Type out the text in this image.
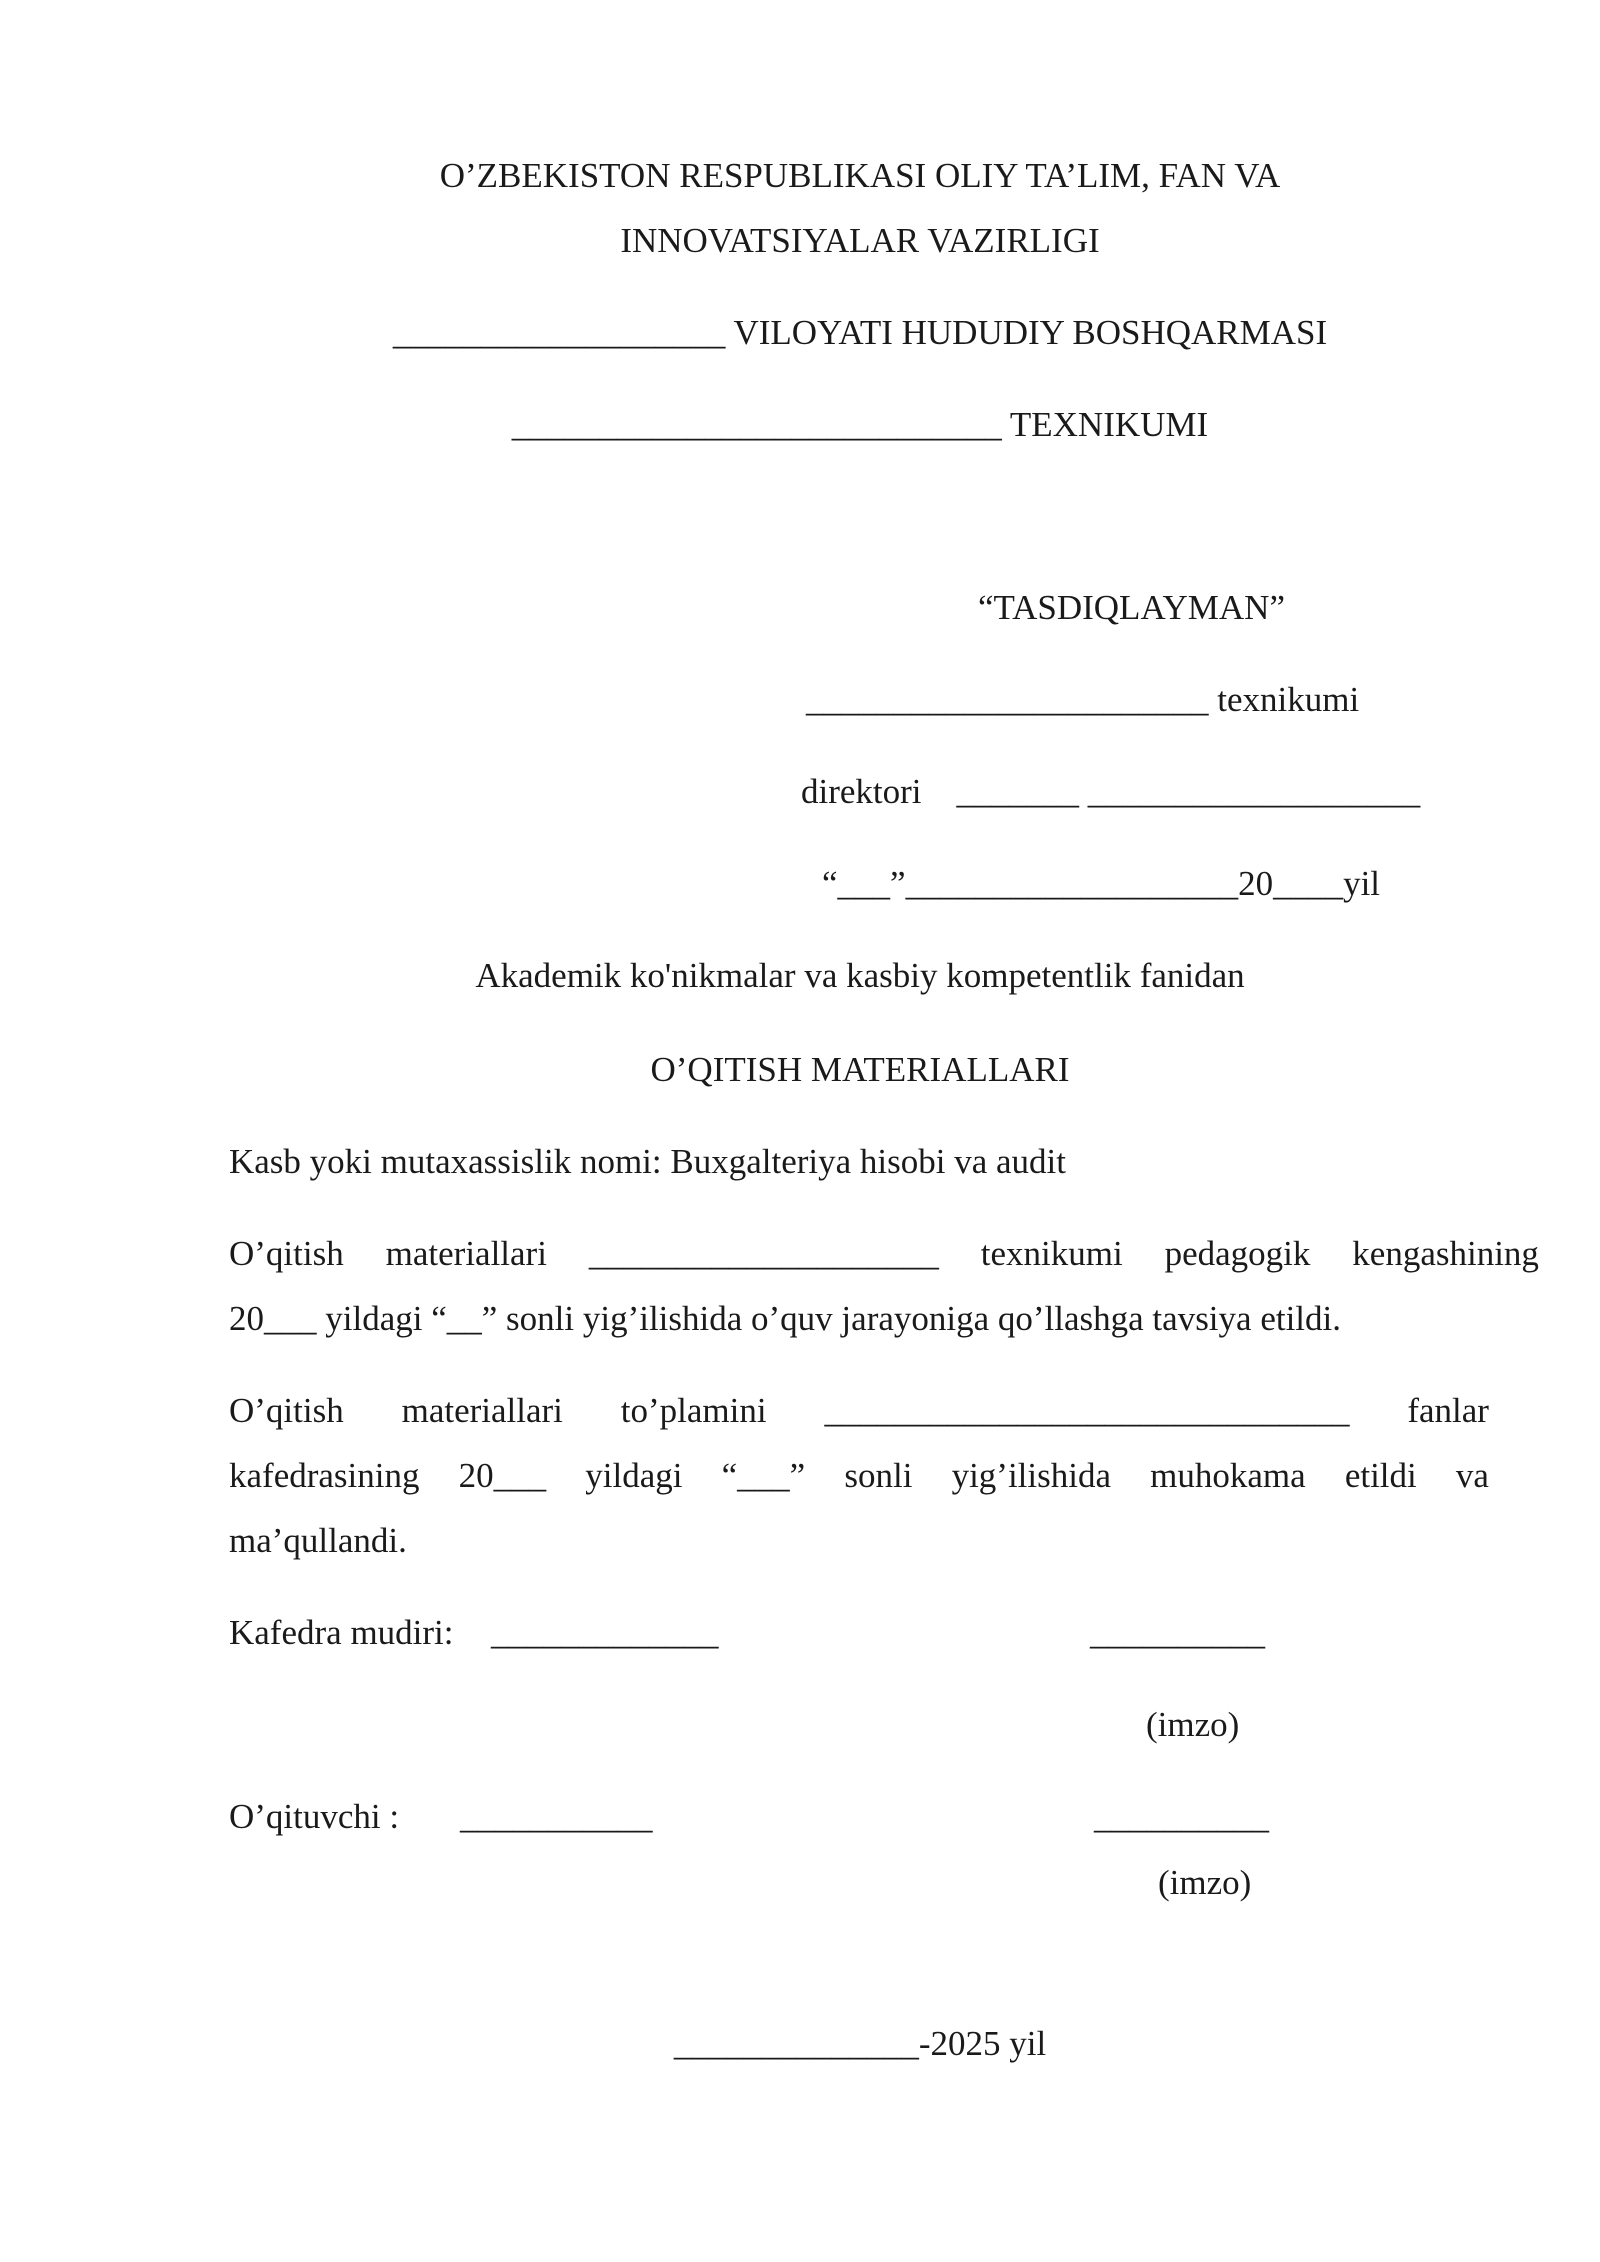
O’ZBEKISTON RESPUBLIKASI OLIY TA’LIM, FAN VA
INNOVATSIYALAR VAZIRLIGI
___________________ VILOYATI HUDUDIY BOSHQARMASI
____________________________ TEXNIKUMI
“TASDIQLAYMAN”
_______________________ texnikumi
direktori    _______ ___________________
“___”___________________20____yil
Akademik ko'nikmalar va kasbiy kompetentlik fanidan
O’QITISH MATERIALLARI
Kasb yoki mutaxassislik nomi: Buxgalteriya hisobi va audit
O’qitish materiallari ____________________ texnikumi pedagogik kengashining
20___ yildagi “__” sonli yig’ilishida o’quv jarayoniga qo’llashga tavsiya etildi.
O’qitish materiallari to’plamini ______________________________ fanlar
kafedrasining 20___ yildagi “___” sonli yig’ilishida muhokama etildi va
ma’qullandi.
Kafedra mudiri: _____________	__________
(imzo)
O’qituvchi : ___________	__________
(imzo)
______________-2025 yil
